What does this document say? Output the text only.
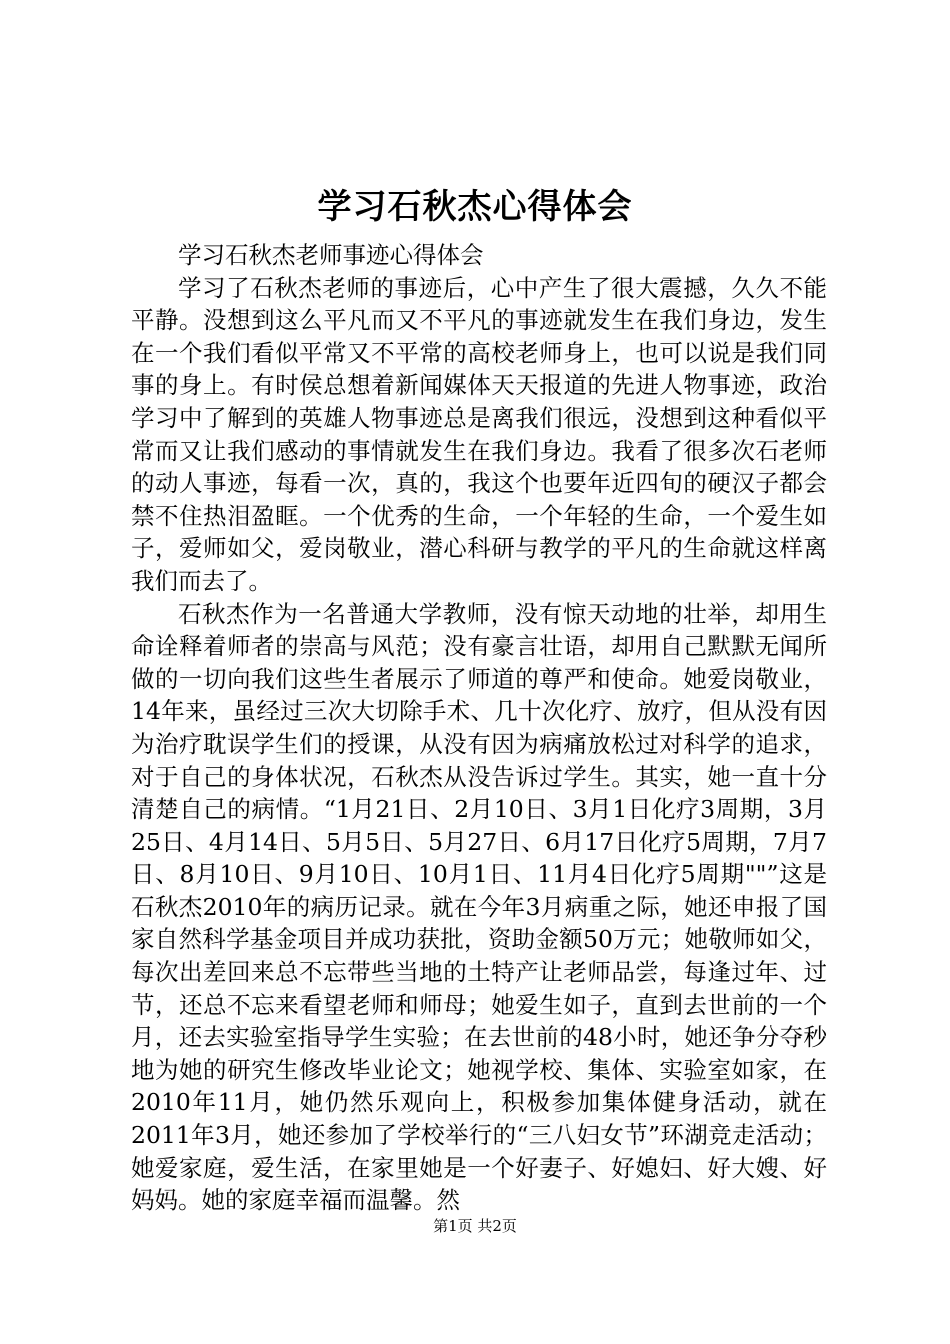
学习石秋杰心得体会

学习石秋杰老师事迹心得体会

学习了石秋杰老师的事迹后，心中产生了很大震撼，久久不能平静。没想到这么平凡而又不平凡的事迹就发生在我们身边，发生在一个我们看似平常又不平常的高校老师身上，也可以说是我们同事的身上。有时侯总想着新闻媒体天天报道的先进人物事迹，政治学习中了解到的英雄人物事迹总是离我们很远，没想到这种看似平常而又让我们感动的事情就发生在我们身边。我看了很多次石老师的动人事迹，每看一次，真的，我这个也要年近四旬的硬汉子都会禁不住热泪盈眶。一个优秀的生命，一个年轻的生命，一个爱生如子，爱师如父，爱岗敬业，潜心科研与教学的平凡的生命就这样离我们而去了。

石秋杰作为一名普通大学教师，没有惊天动地的壮举，却用生命诠释着师者的崇高与风范；没有豪言壮语，却用自己默默无闻所做的一切向我们这些生者展示了师道的尊严和使命。她爱岗敬业，14年来，虽经过三次大切除手术、几十次化疗、放疗，但从没有因为治疗耽误学生们的授课，从没有因为病痛放松过对科学的追求，对于自己的身体状况，石秋杰从没告诉过学生。其实，她一直十分清楚自己的病情。“1月21日、2月10日、3月1日化疗3周期，3月25日、4月14日、5月5日、5月27日、6月17日化疗5周期，7月7日、8月10日、9月10日、10月1日、11月4日化疗5周期""”这是石秋杰2010年的病历记录。就在今年3月病重之际，她还申报了国家自然科学基金项目并成功获批，资助金额50万元；她敬师如父，每次出差回来总不忘带些当地的土特产让老师品尝，每逢过年、过节，还总不忘来看望老师和师母；她爱生如子，直到去世前的一个月，还去实验室指导学生实验；在去世前的48小时，她还争分夺秒地为她的研究生修改毕业论文；她视学校、集体、实验室如家，在2010年11月，她仍然乐观向上，积极参加集体健身活动，就在2011年3月，她还参加了学校举行的“三八妇女节”环湖竞走活动；她爱家庭，爱生活，在家里她是一个好妻子、好媳妇、好大嫂、好妈妈。她的家庭幸福而温馨。然

第1页 共2页
